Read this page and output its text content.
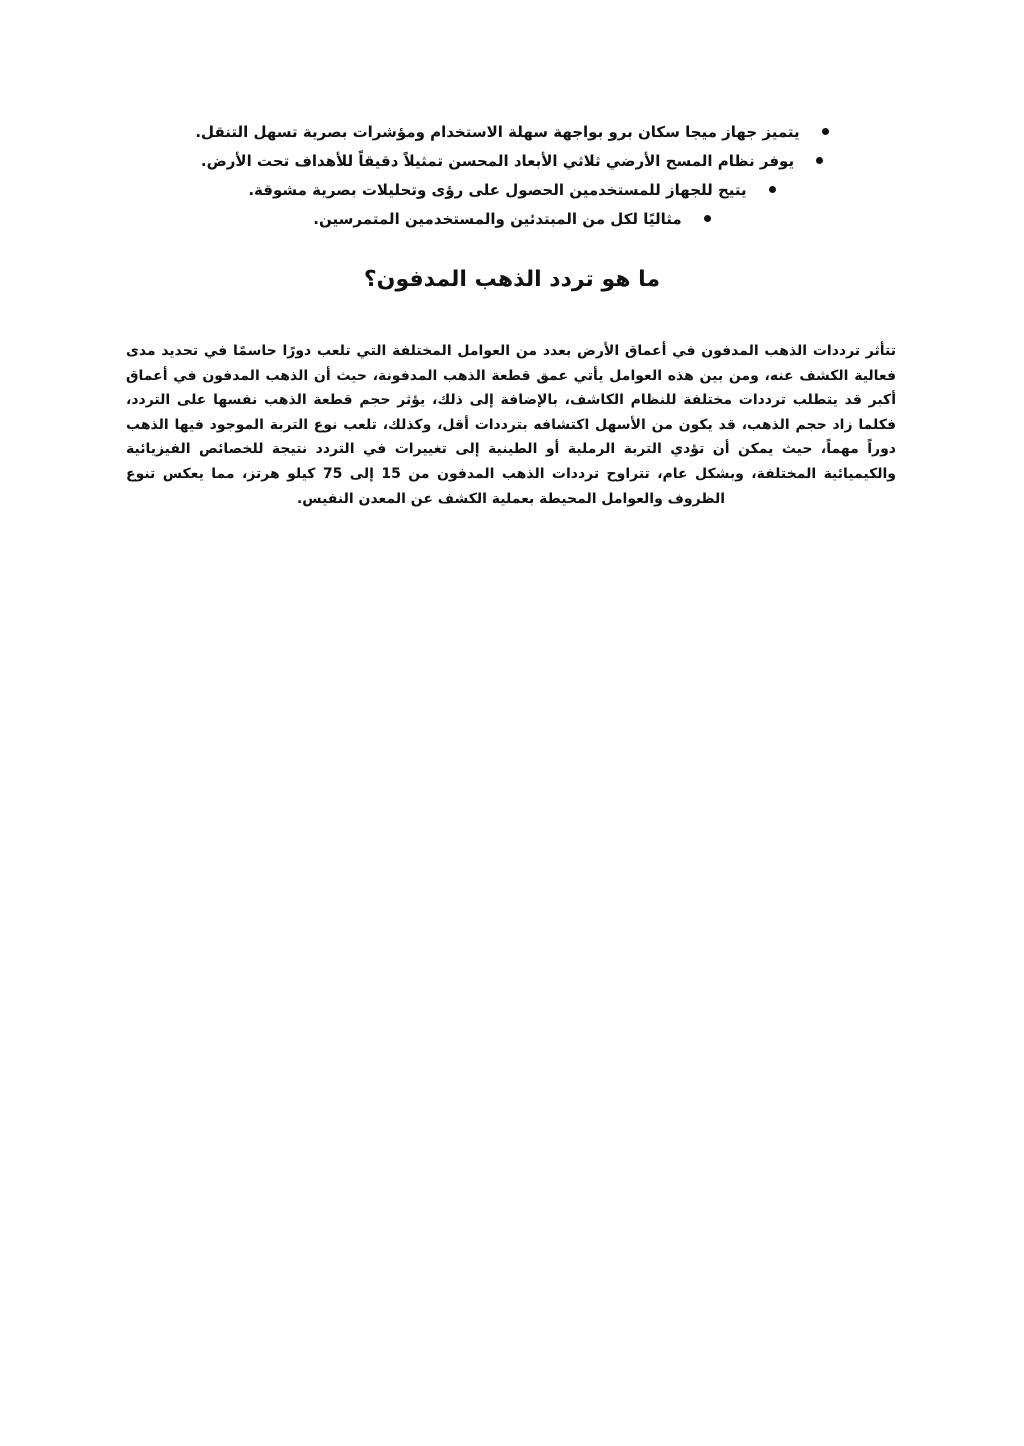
يتميز جهاز ميجا سكان برو بواجهة سهلة الاستخدام ومؤشرات بصرية تسهل التنقل.
يوفر نظام المسح الأرضي ثلاثي الأبعاد المحسن تمثيلاً دقيقاً للأهداف تحت الأرض.
يتيح للجهاز للمستخدمين الحصول على رؤى وتحليلات بصرية مشوقة.
مثاليًا لكل من المبتدئين والمستخدمين المتمرسين.
ما هو تردد الذهب المدفون؟

تتأثر ترددات الذهب المدفون في أعماق الأرض بعدد من العوامل المختلفة التي تلعب دورًا حاسمًا في تحديد مدى فعالية الكشف عنه، ومن بين هذه العوامل يأتي عمق قطعة الذهب المدفونة، حيث أن الذهب المدفون في أعماق أكبر قد يتطلب ترددات مختلفة للنظام الكاشف، بالإضافة إلى ذلك، يؤثر حجم قطعة الذهب نفسها على التردد، فكلما زاد حجم الذهب، قد يكون من الأسهل اكتشافه بترددات أقل، وكذلك، تلعب نوع التربة الموجود فيها الذهب دوراً مهماً، حيث يمكن أن تؤدي التربة الرملية أو الطينية إلى تغييرات في التردد نتيجة للخصائص الفيزيائية والكيميائية المختلفة، وبشكل عام، تتراوح ترددات الذهب المدفون من 15 إلى 75 كيلو هرتز، مما يعكس تنوع الظروف والعوامل المحيطة بعملية الكشف عن المعدن النفيس.
